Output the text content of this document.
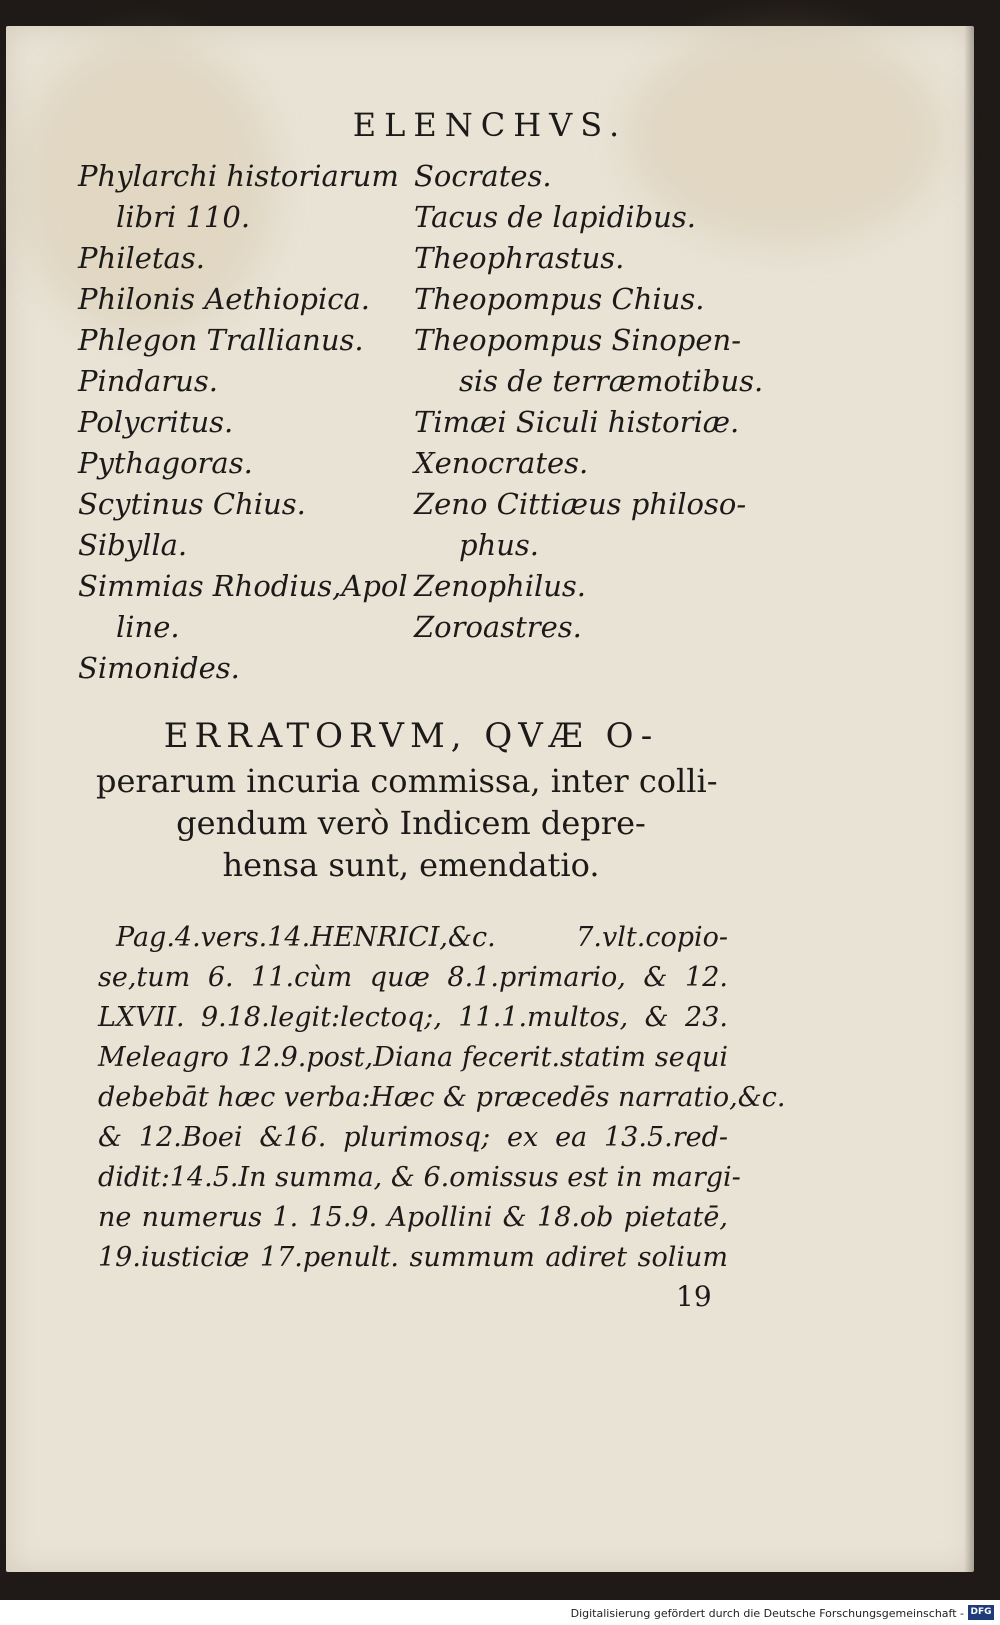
ELENCHVS.
Phylarchi historiarum
libri 110.
Philetas.
Philonis Aethiopica.
Phlegon Trallianus.
Pindarus.
Polycritus.
Pythagoras.
Scytinus Chius.
Sibylla.
Simmias Rhodius,Apol
line.
Simonides.
Socrates.
Tacus de lapidibus.
Theophrastus.
Theopompus Chius.
Theopompus Sinopen-
sis de terræmotibus.
Timæi Siculi historiæ.
Xenocrates.
Zeno Cittiæus philoso-
phus.
Zenophilus.
Zoroastres.
ERRATORVM, QVÆ O-
perarum incuria commissa, inter colli-
gendum verò Indicem depre-
hensa sunt, emendatio.
Pag.4.vers.14.HENRICI,&c. 7.vlt.copio-
se,tum 6. 11.cùm quæ 8.1.primario, & 12.
LXVII. 9.18.legit:lectoq;, 11.1.multos, & 23.
Meleagro 12.9.post,Diana fecerit.statim sequi
debebāt hæc verba:Hæc & præcedēs narratio,&c.
& 12.Boei &16. plurimosq; ex ea 13.5.red-
didit:14.5.In summa, & 6.omissus est in margi-
ne numerus 1. 15.9. Apollini & 18.ob pietatē,
19.iusticiæ 17.penult. summum adiret solium
19
Digitalisierung gefördert durch die Deutsche Forschungsgemeinschaft - DFG
